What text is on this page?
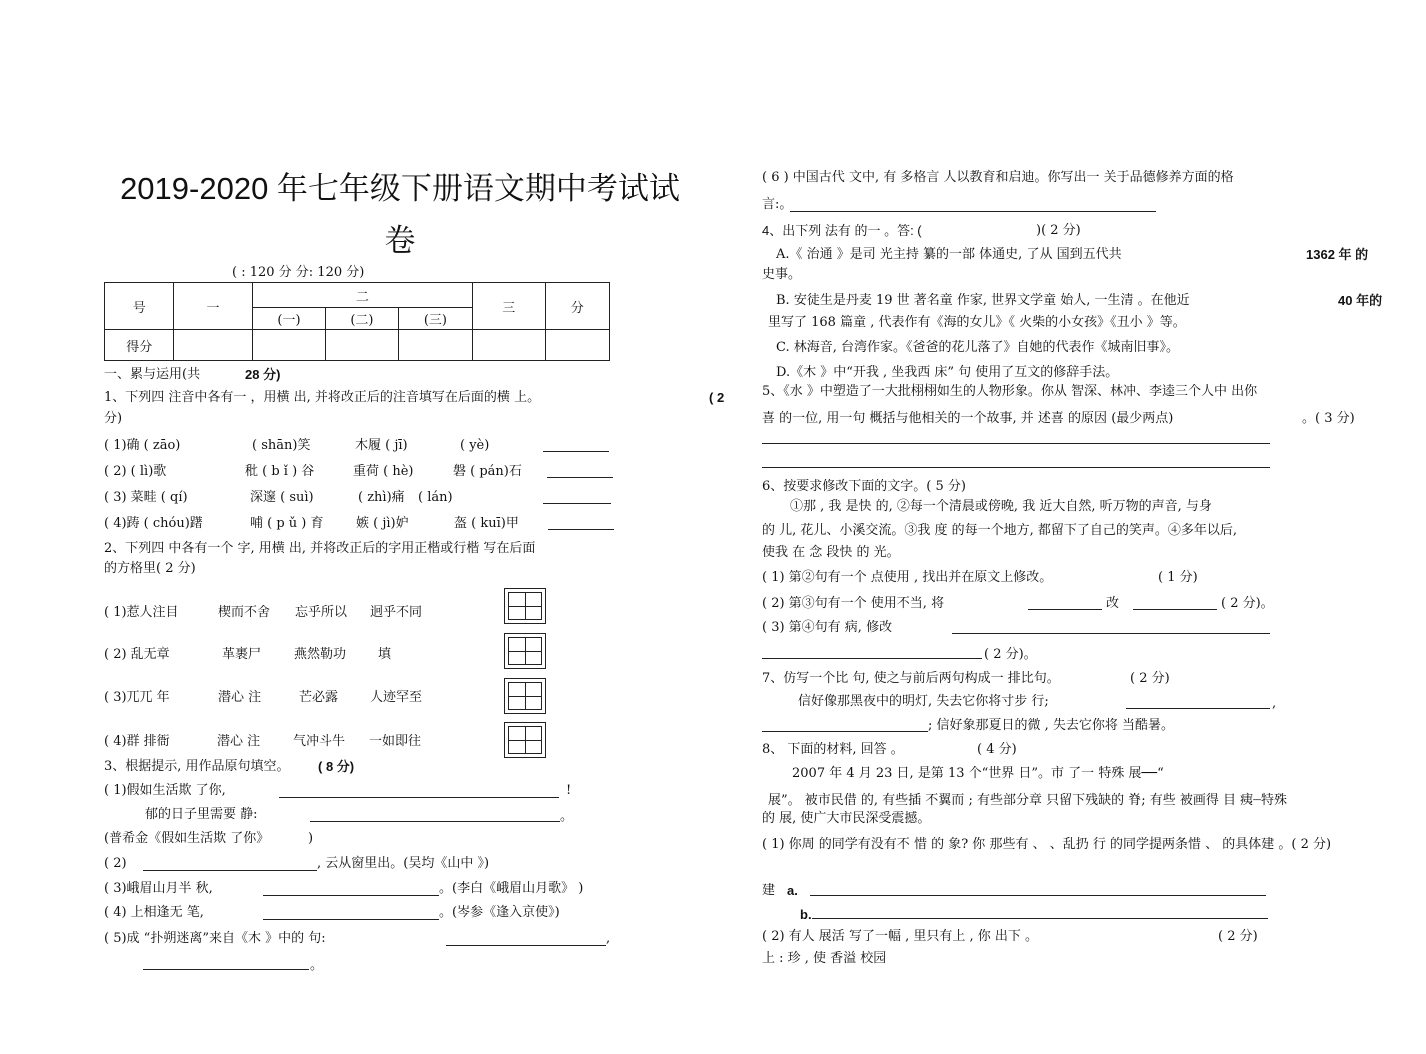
2019-2020 年七年级下册语文期中考试试
卷
( : 120 分 分: 120 分)
号	一	二			三	分
		(一)	(二)	(三)		
得分						
一、累与运用(共	28 分)
1、下列四 注音中各有一 ，用横 出, 并将改正后的注音填写在后面的横 上。	( 2
分)
( 1)确 ( zāo)	( shān)笑	木履 ( jī)	( yè)
( 2) ( lì)歌	秕 ( b ǐ ) 谷	重荷 ( hè)	磐 ( pán)石
( 3) 菜畦 ( qí)	深邃 ( suì)	( zhì)痛 ( lán)
( 4)踌 ( chóu)躇	哺 ( p ǔ ) 育	嫉 ( jì)妒	盔 ( kuī)甲
2、下列四 中各有一个 字, 用横 出, 并将改正后的字用正楷或行楷 写在后面
的方格里( 2 分)
( 1)惹人注目	楔而不舍 忘乎所以 迥乎不同
( 2) 乱无章	革裹尸	燕然勒功 填
( 3)兀兀 年	潜心 注	芒必露 人迹罕至
( 4)群 排衙	潜心 注	气冲斗牛 一如即往
3、根据提示, 用作品原句填空。 ( 8 分)
( 1)假如生活欺 了你,	!
郁的日子里需要 静:	。
(普希金《假如生活欺 了你》	)
( 2)	, 云从窗里出。(吴均《山中 》)
( 3)峨眉山月半 秋,	。(李白《峨眉山月歌》 )
( 4) 上相逢无 笔,	。(岑参《逢入京使》)
( 5)成 “扑朔迷离”来自《木 》中的 句:	,
。
( 6 ) 中国古代 文中, 有 多格言 人以教育和启迪。你写出一 关于品德修养方面的格
言:。
4、出下列 法有 的一 。答: (	)( 2 分)
A.《 治通 》是司 光主持 纂的一部 体通史, 了从 国到五代共	1362 年 的
史事。
B. 安徒生是丹麦 19 世 著名童 作家, 世界文学童 始人, 一生清 。在他近	40 年的
里写了 168 篇童 , 代表作有《海的女儿》《 火柴的小女孩》《丑小 》等。
C. 林海音, 台湾作家。《爸爸的花儿落了》自她的代表作《城南旧事》。
D.《木 》中“开我 , 坐我西 床” 句 使用了互文的修辞手法。
5、《水 》中塑造了一大批栩栩如生的人物形象。你从 智深、林冲、李逵三个人中 出你
喜 的一位, 用一句 概括与他相关的一个故事, 并 述喜 的原因 (最少两点)	。( 3 分)
6、按要求修改下面的文字。( 5 分)
①那 , 我 是快 的, ②每一个清晨或傍晚, 我 近大自然, 听万物的声音, 与身
的 儿, 花儿、小溪交流。③我 度 的每一个地方, 都留下了自己的笑声。④多年以后,
使我 在 念 段快 的 光。
( 1) 第②句有一个 点使用 , 找出并在原文上修改。	( 1 分)
( 2) 第③句有一个 使用不当, 将	改	( 2 分)。
( 3) 第④句有 病, 修改
( 2 分)。
7、仿写一个比 句, 使之与前后两句构成一 排比句。	( 2 分)
信好像那黑夜中的明灯, 失去它你将寸步 行;	,
; 信好象那夏日的微 , 失去它你将 当酷暑。
8、 下面的材料, 回答 。	( 4 分)
2007 年 4 月 23 日, 是第 13 个“世界 日”。市 了一 特殊 展──“
展”。 被市民借 的, 有些插 不翼而 ; 有些部分章 只留下残缺的 脊; 有些 被画得 目 痍┈特殊
的 展, 使广大市民深受震撼。
( 1) 你周 的同学有没有不 惜 的 象? 你 那些有 、 、乱扔 行 的同学提两条惜 、 的具体建 。( 2 分)
建 a.
b.
( 2) 有人 展活 写了一幅 , 里只有上 , 你 出下 。	( 2 分)
上 : 珍 , 使 香溢 校园
